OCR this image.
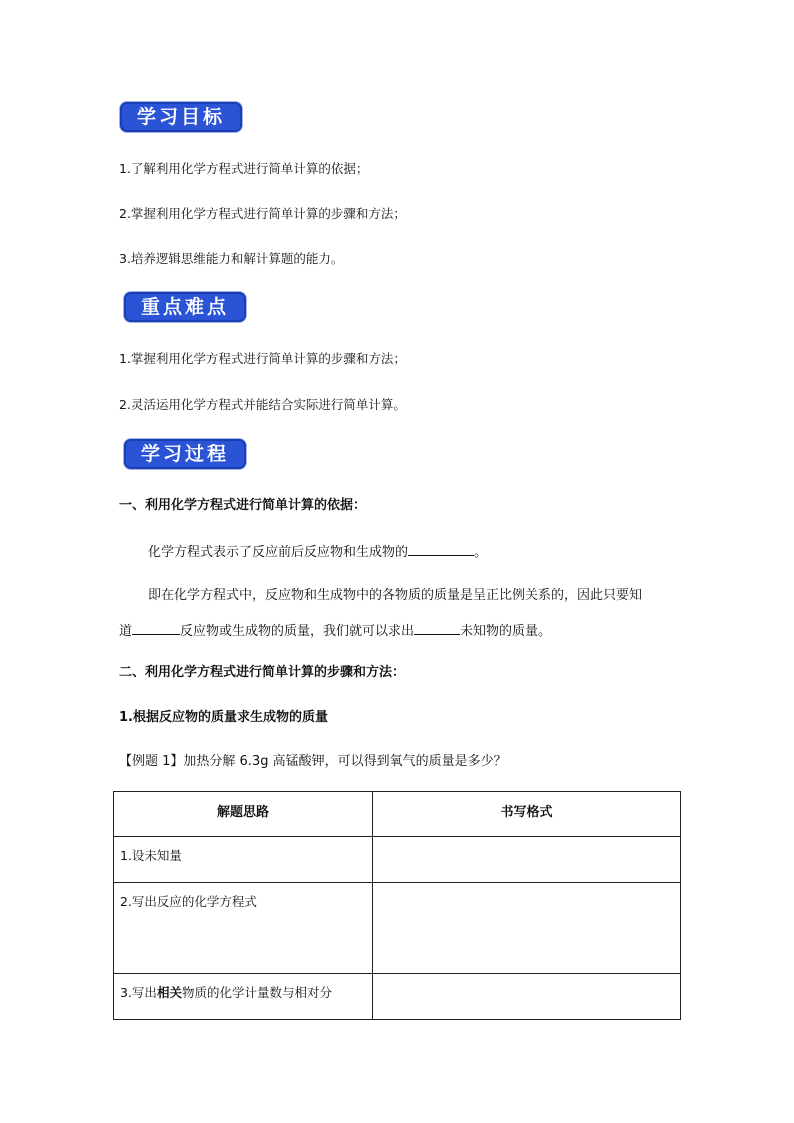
学习目标
1.了解利用化学方程式进行简单计算的依据；
2.掌握利用化学方程式进行简单计算的步骤和方法；
3.培养逻辑思维能力和解计算题的能力。
重点难点
1.掌握利用化学方程式进行简单计算的步骤和方法；
2.灵活运用化学方程式并能结合实际进行简单计算。
学习过程
一、利用化学方程式进行简单计算的依据：
化学方程式表示了反应前后反应物和生成物的	。
即在化学方程式中，反应物和生成物中的各物质的质量是呈正比例关系的，因此只要知
道	反应物或生成物的质量，我们就可以求出	未知物的质量。
二、利用化学方程式进行简单计算的步骤和方法：
1.根据反应物的质量求生成物的质量
【例题 1】加热分解 6.3g 高锰酸钾，可以得到氧气的质量是多少？
解题思路	书写格式
1.设未知量	
2.写出反应的化学方程式	
3.写出相关物质的化学计量数与相对分	
